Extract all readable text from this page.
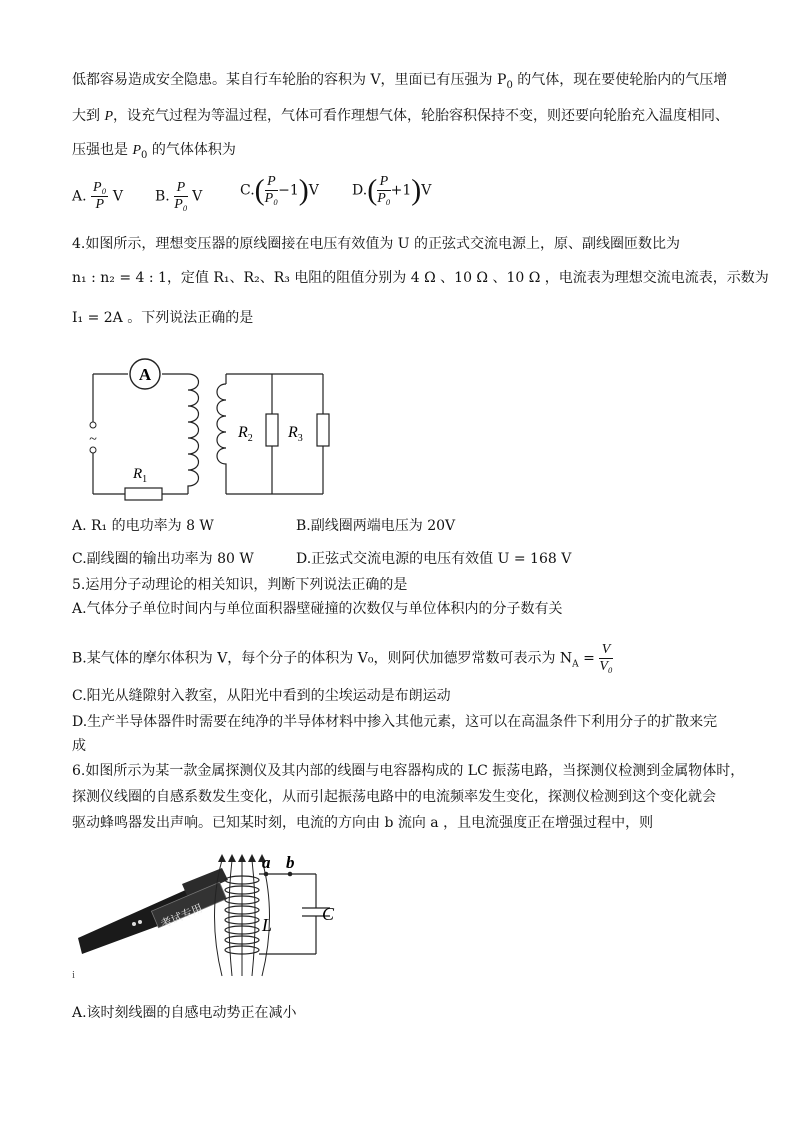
低都容易造成安全隐患。某自行车轮胎的容积为 V，里面已有压强为 $P_0$ 的气体，现在要使轮胎内的气压增
大到 P，设充气过程为等温过程，气体可看作理想气体，轮胎容积保持不变，则还要向轮胎充入温度相同、
压强也是 $P_0$ 的气体体积为
A. $\frac{\text{P₀}}{P}$ V B. $\frac{P}{\text{P₀}}$ V	$C.( \frac{P}{\text{P₀}} -1)V$ $D.( \frac{P}{\text{P₀}} +1)V$
4.如图所示，理想变压器的原线圈接在电压有效值为 U 的正弦式交流电源上，原、副线圈匝数比为
n₁ : n₂ = 4 : 1，定值 R₁、R₂、R₃ 电阻的阻值分别为 4 Ω 、10 Ω 、10 Ω ，电流表为理想交流电流表，示数为
I₁ = 2A 。下列说法正确的是
A
~
$R_1$
$R_2$ $R_3$
A. R₁ 的电功率为 8 W	B.副线圈两端电压为 20V
C.副线圈的输出功率为 80 W	D.正弦式交流电源的电压有效值 U = 168 V
5.运用分子动理论的相关知识，判断下列说法正确的是
A.气体分子单位时间内与单位面积器壁碰撞的次数仅与单位体积内的分子数有关
B.某气体的摩尔体积为 V，每个分子的体积为 V₀，则阿伏加德罗常数可表示为 $N_A = \frac{V}{\text{V₀}}$
C.阳光从缝隙射入教室，从阳光中看到的尘埃运动是布朗运动
D.生产半导体器件时需要在纯净的半导体材料中掺入其他元素，这可以在高温条件下利用分子的扩散来完
成
6.如图所示为某一款金属探测仪及其内部的线圈与电容器构成的 LC 振荡电路，当探测仪检测到金属物体时，
探测仪线圈的自感系数发生变化，从而引起振荡电路中的电流频率发生变化，探测仪检测到这个变化就会
驱动蜂鸣器发出声响。已知某时刻，电流的方向由 b 流向 a ，且电流强度正在增强过程中，则
考试专用
i
a b
L
C
A.该时刻线圈的自感电动势正在减小
